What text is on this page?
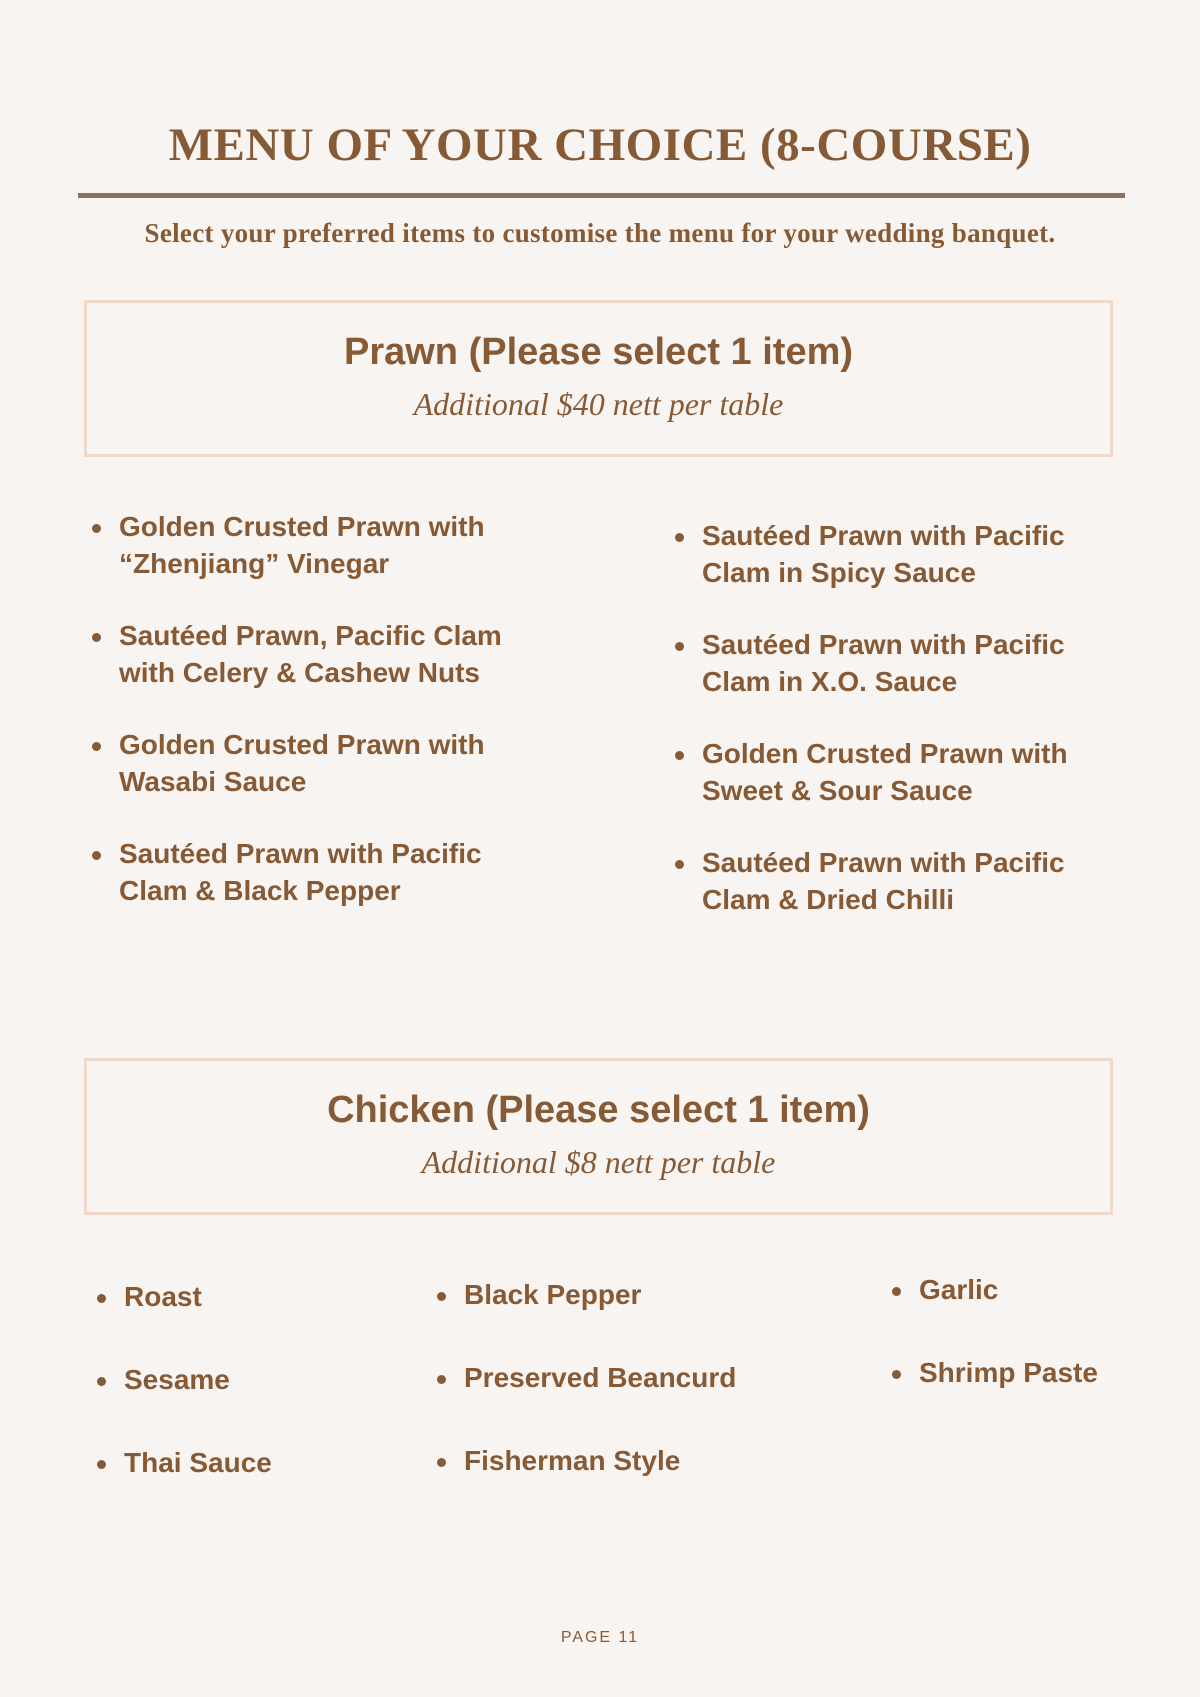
MENU OF YOUR CHOICE (8-COURSE)

Select your preferred items to customise the menu for your wedding banquet.

Prawn (Please select 1 item)
Additional $40 nett per table
Golden Crusted Prawn with “Zhenjiang” Vinegar
Sautéed Prawn, Pacific Clam with Celery & Cashew Nuts
Golden Crusted Prawn with Wasabi Sauce
Sautéed Prawn with Pacific Clam & Black Pepper
Sautéed Prawn with Pacific Clam in Spicy Sauce
Sautéed Prawn with Pacific Clam in X.O. Sauce
Golden Crusted Prawn with Sweet & Sour Sauce
Sautéed Prawn with Pacific Clam & Dried Chilli
Chicken (Please select 1 item)
Additional $8 nett per table
Roast
Sesame
Thai Sauce
Black Pepper
Preserved Beancurd
Fisherman Style
Garlic
Shrimp Paste

PAGE 11
